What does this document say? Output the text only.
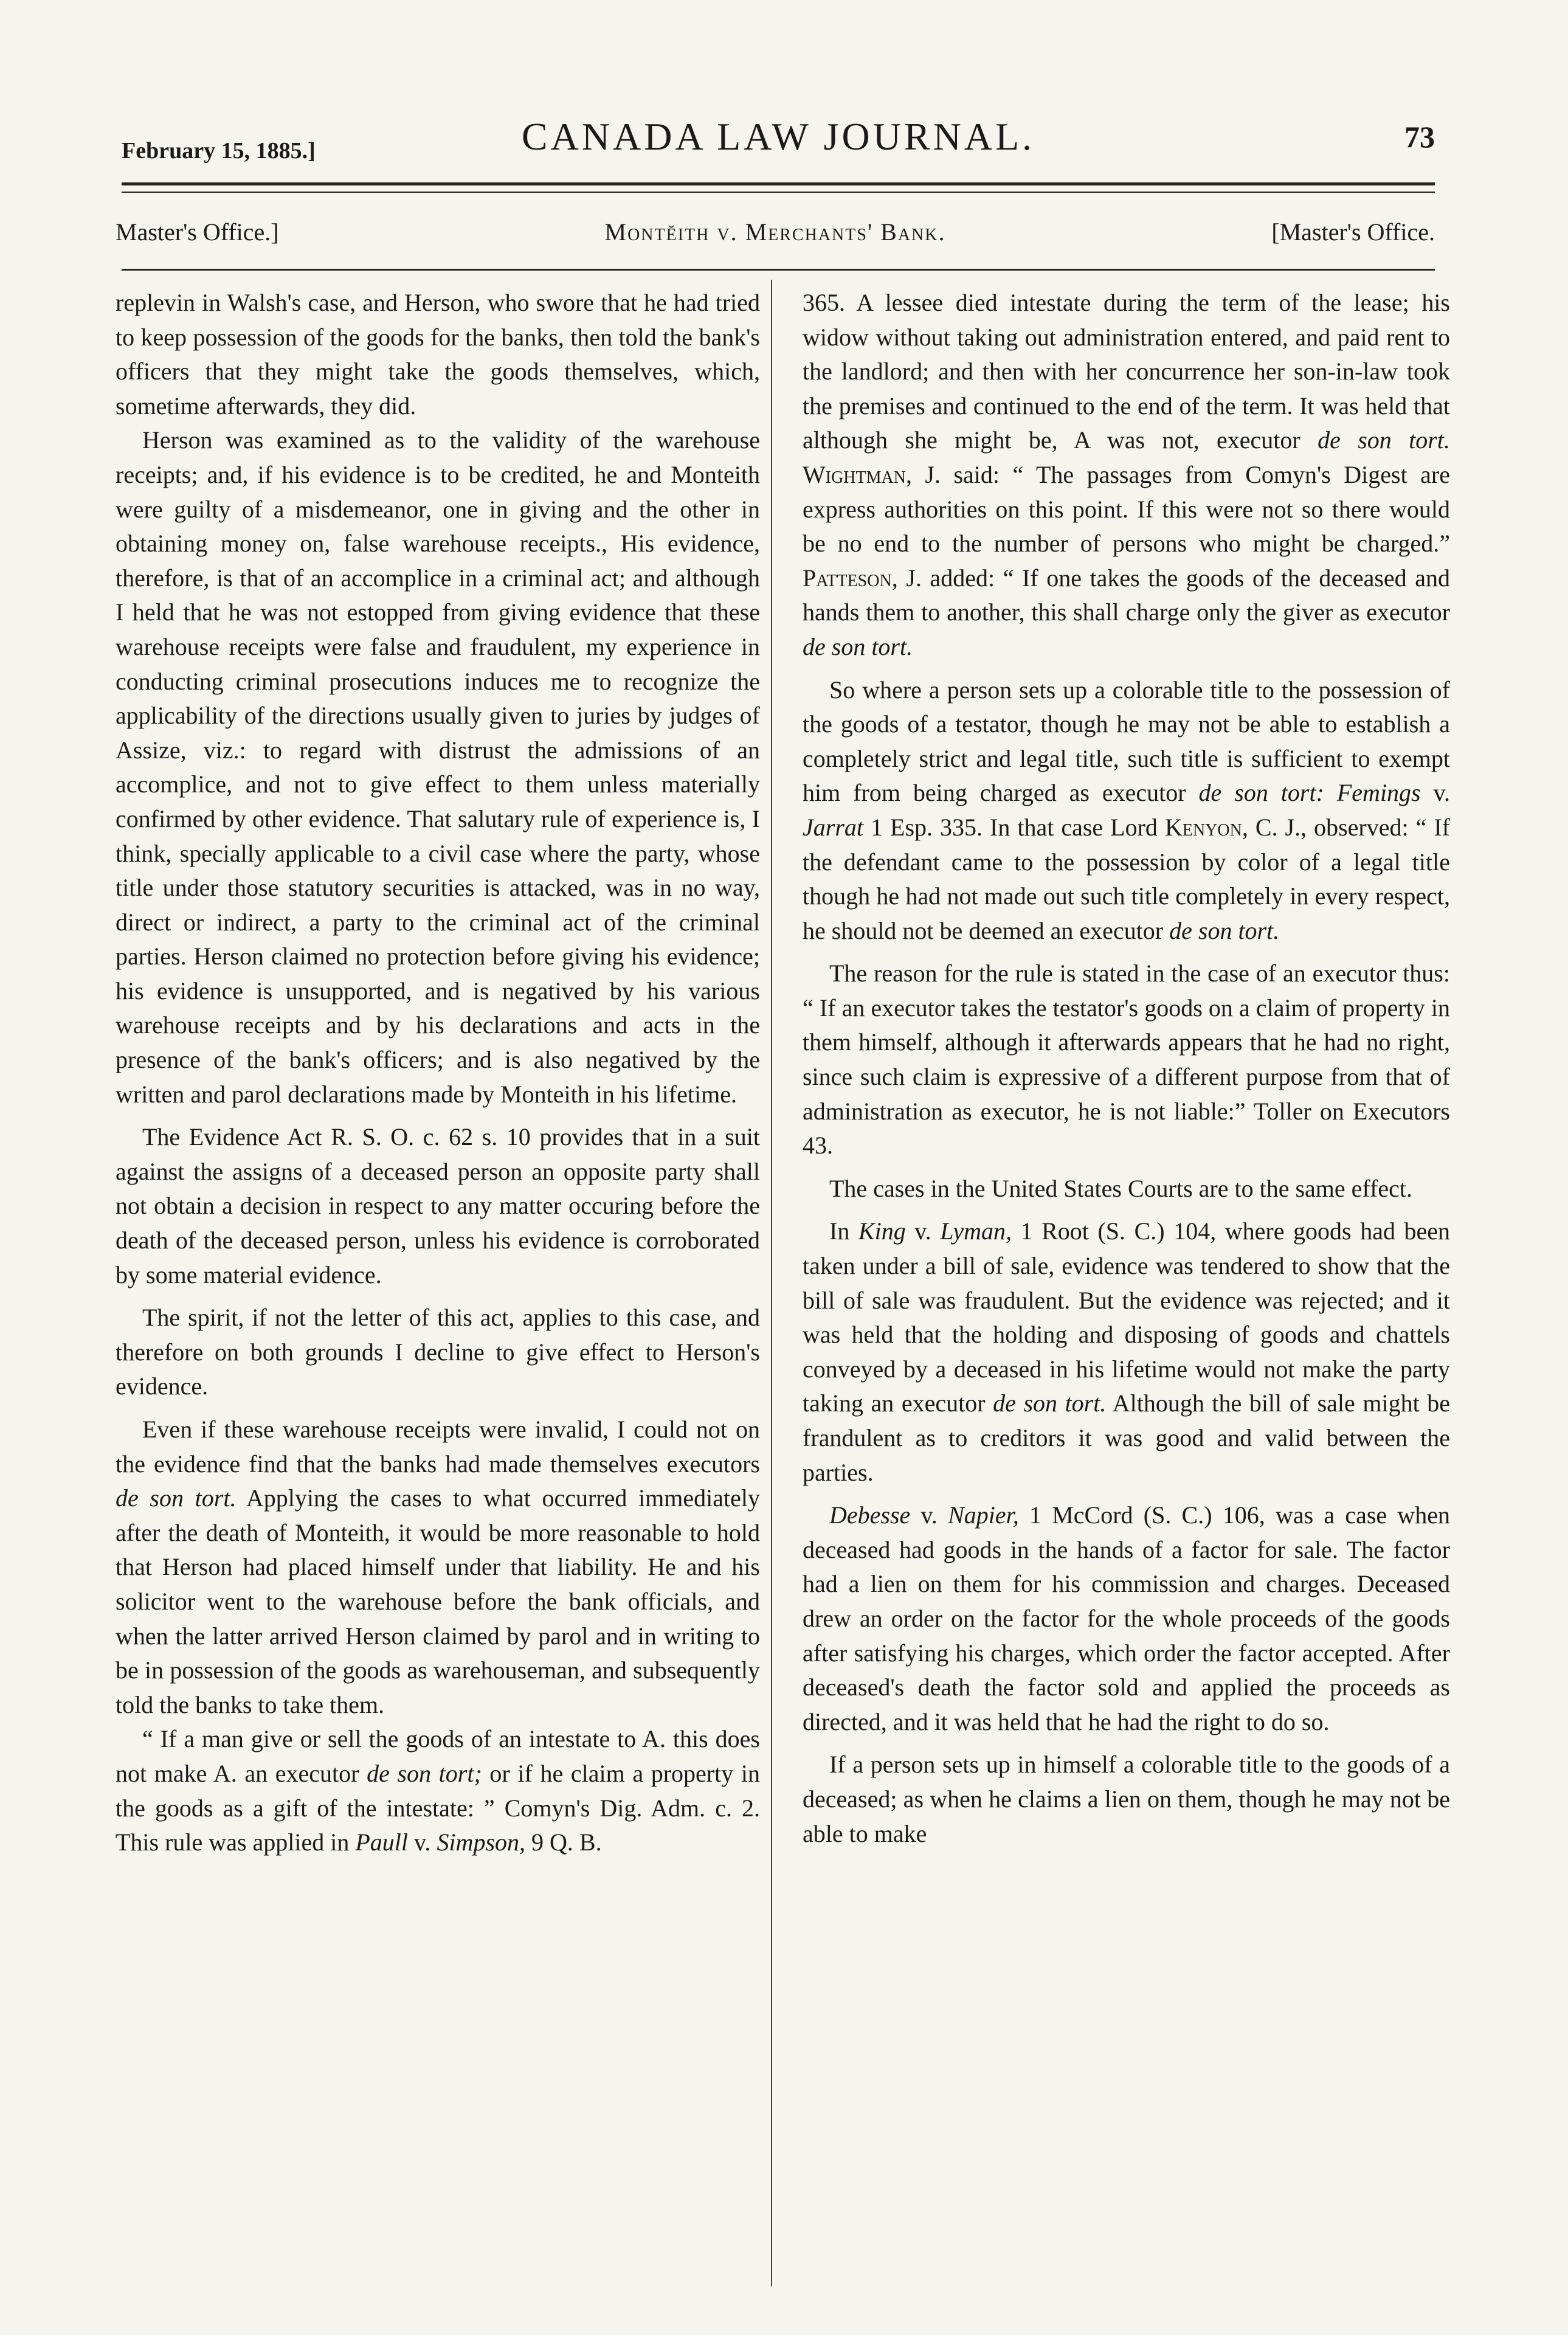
February 15, 1885.]	CANADA LAW JOURNAL.	73
Master's Office.]	Montĕith v. Merchants' Bank.	[Master's Office.

replevin in Walsh's case, and Herson, who swore that he had tried to keep possession of the goods for the banks, then told the bank's officers that they might take the goods themselves, which, sometime afterwards, they did.

Herson was examined as to the validity of the warehouse receipts; and, if his evidence is to be credited, he and Monteith were guilty of a misdemeanor, one in giving and the other in obtaining money on, false warehouse receipts., His evidence, therefore, is that of an accomplice in a criminal act; and although I held that he was not estopped from giving evidence that these warehouse receipts were false and fraudulent, my experience in conducting criminal prosecutions induces me to recognize the applicability of the directions usually given to juries by judges of Assize, viz.: to regard with distrust the admissions of an accomplice, and not to give effect to them unless materially confirmed by other evidence. That salutary rule of experience is, I think, specially applicable to a civil case where the party, whose title under those statutory securities is attacked, was in no way, direct or indirect, a party to the criminal act of the criminal parties. Herson claimed no protection before giving his evidence; his evidence is unsupported, and is negatived by his various warehouse receipts and by his declarations and acts in the presence of the bank's officers; and is also negatived by the written and parol declarations made by Monteith in his lifetime.

The Evidence Act R. S. O. c. 62 s. 10 provides that in a suit against the assigns of a deceased person an opposite party shall not obtain a decision in respect to any matter occuring before the death of the deceased person, unless his evidence is corroborated by some material evidence.

The spirit, if not the letter of this act, applies to this case, and therefore on both grounds I decline to give effect to Herson's evidence.

Even if these warehouse receipts were invalid, I could not on the evidence find that the banks had made themselves executors de son tort. Applying the cases to what occurred immediately after the death of Monteith, it would be more reasonable to hold that Herson had placed himself under that liability. He and his solicitor went to the warehouse before the bank officials, and when the latter arrived Herson claimed by parol and in writing to be in possession of the goods as warehouseman, and subsequently told the banks to take them.

“ If a man give or sell the goods of an intestate to A. this does not make A. an executor de son tort; or if he claim a property in the goods as a gift of the intestate: ” Comyn's Dig. Adm. c. 2. This rule was applied in Paull v. Simpson, 9 Q. B.

365. A lessee died intestate during the term of the lease; his widow without taking out administration entered, and paid rent to the landlord; and then with her concurrence her son-in-law took the premises and continued to the end of the term. It was held that although she might be, A was not, executor de son tort. Wightman, J. said: “ The passages from Comyn's Digest are express authorities on this point. If this were not so there would be no end to the number of persons who might be charged.” Patteson, J. added: “ If one takes the goods of the deceased and hands them to another, this shall charge only the giver as executor de son tort.

So where a person sets up a colorable title to the possession of the goods of a testator, though he may not be able to establish a completely strict and legal title, such title is sufficient to exempt him from being charged as executor de son tort: Femings v. Jarrat 1 Esp. 335. In that case Lord Kenyon, C. J., observed: “ If the defendant came to the possession by color of a legal title though he had not made out such title completely in every respect, he should not be deemed an executor de son tort.

The reason for the rule is stated in the case of an executor thus: “ If an executor takes the testator's goods on a claim of property in them himself, although it afterwards appears that he had no right, since such claim is expressive of a different purpose from that of administration as executor, he is not liable:” Toller on Executors 43.

The cases in the United States Courts are to the same effect.

In King v. Lyman, 1 Root (S. C.) 104, where goods had been taken under a bill of sale, evidence was tendered to show that the bill of sale was fraudulent. But the evidence was rejected; and it was held that the holding and disposing of goods and chattels conveyed by a deceased in his lifetime would not make the party taking an executor de son tort. Although the bill of sale might be frandulent as to creditors it was good and valid between the parties.

Debesse v. Napier, 1 McCord (S. C.) 106, was a case when deceased had goods in the hands of a factor for sale. The factor had a lien on them for his commission and charges. Deceased drew an order on the factor for the whole proceeds of the goods after satisfying his charges, which order the factor accepted. After deceased's death the factor sold and applied the proceeds as directed, and it was held that he had the right to do so.

If a person sets up in himself a colorable title to the goods of a deceased; as when he claims a lien on them, though he may not be able to make
